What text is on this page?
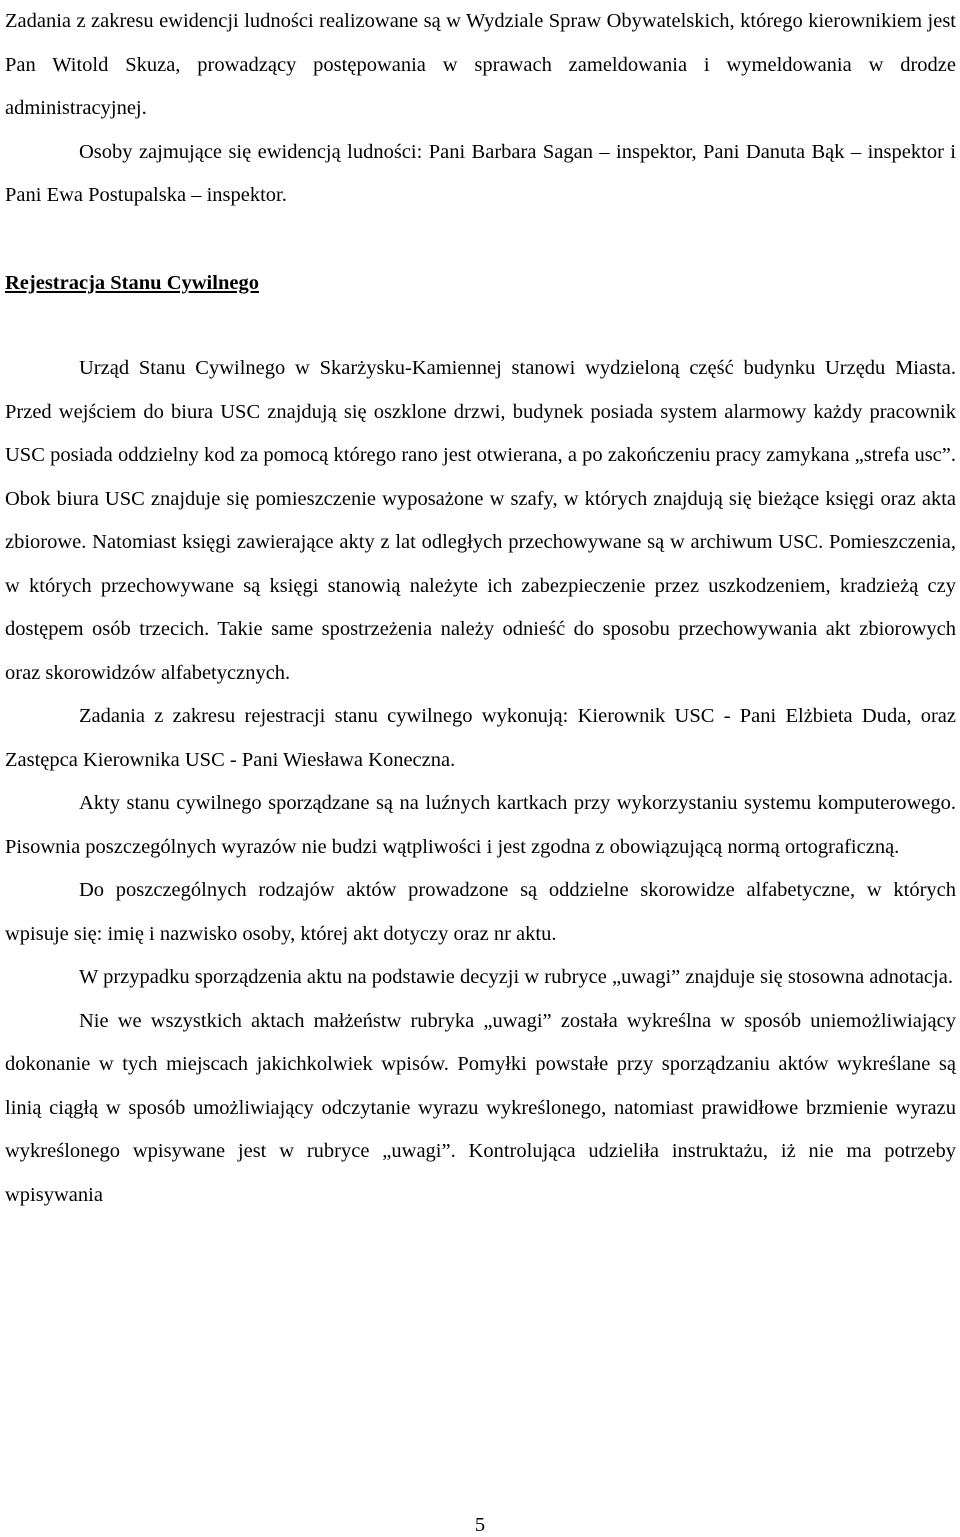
Zadania z zakresu ewidencji ludności realizowane są w Wydziale Spraw Obywatelskich, którego kierownikiem jest Pan Witold Skuza, prowadzący postępowania w sprawach zameldowania i wymeldowania w drodze administracyjnej.

Osoby zajmujące się ewidencją ludności: Pani Barbara Sagan – inspektor, Pani Danuta Bąk – inspektor i Pani Ewa Postupalska – inspektor.

Rejestracja Stanu Cywilnego

Urząd Stanu Cywilnego w Skarżysku-Kamiennej stanowi wydzieloną część budynku Urzędu Miasta. Przed wejściem do biura USC znajdują się oszklone drzwi, budynek posiada system alarmowy każdy pracownik USC posiada oddzielny kod za pomocą którego rano jest otwierana, a po zakończeniu pracy zamykana „strefa usc”. Obok biura USC znajduje się pomieszczenie wyposażone w szafy, w których znajdują się bieżące księgi oraz akta zbiorowe. Natomiast księgi zawierające akty z lat odległych przechowywane są w archiwum USC. Pomieszczenia, w których przechowywane są księgi stanowią należyte ich zabezpieczenie przez uszkodzeniem, kradzieżą czy dostępem osób trzecich. Takie same spostrzeżenia należy odnieść do sposobu przechowywania akt zbiorowych oraz skorowidzów alfabetycznych.

Zadania z zakresu rejestracji stanu cywilnego wykonują: Kierownik USC - Pani Elżbieta Duda, oraz Zastępca Kierownika USC - Pani Wiesława Koneczna.

Akty stanu cywilnego sporządzane są na luźnych kartkach przy wykorzystaniu systemu komputerowego. Pisownia poszczególnych wyrazów nie budzi wątpliwości i jest zgodna z obowiązującą normą ortograficzną.

Do poszczególnych rodzajów aktów prowadzone są oddzielne skorowidze alfabetyczne, w których wpisuje się: imię i nazwisko osoby, której akt dotyczy oraz nr aktu.

W przypadku sporządzenia aktu na podstawie decyzji w rubryce „uwagi” znajduje się stosowna adnotacja.

Nie we wszystkich aktach małżeństw rubryka „uwagi” została wykreślna w sposób uniemożliwiający dokonanie w tych miejscach jakichkolwiek wpisów. Pomyłki powstałe przy sporządzaniu aktów wykreślane są linią ciągłą w sposób umożliwiający odczytanie wyrazu wykreślonego, natomiast prawidłowe brzmienie wyrazu wykreślonego wpisywane jest w rubryce „uwagi”. Kontrolująca udzieliła instruktażu, iż nie ma potrzeby wpisywania

5
